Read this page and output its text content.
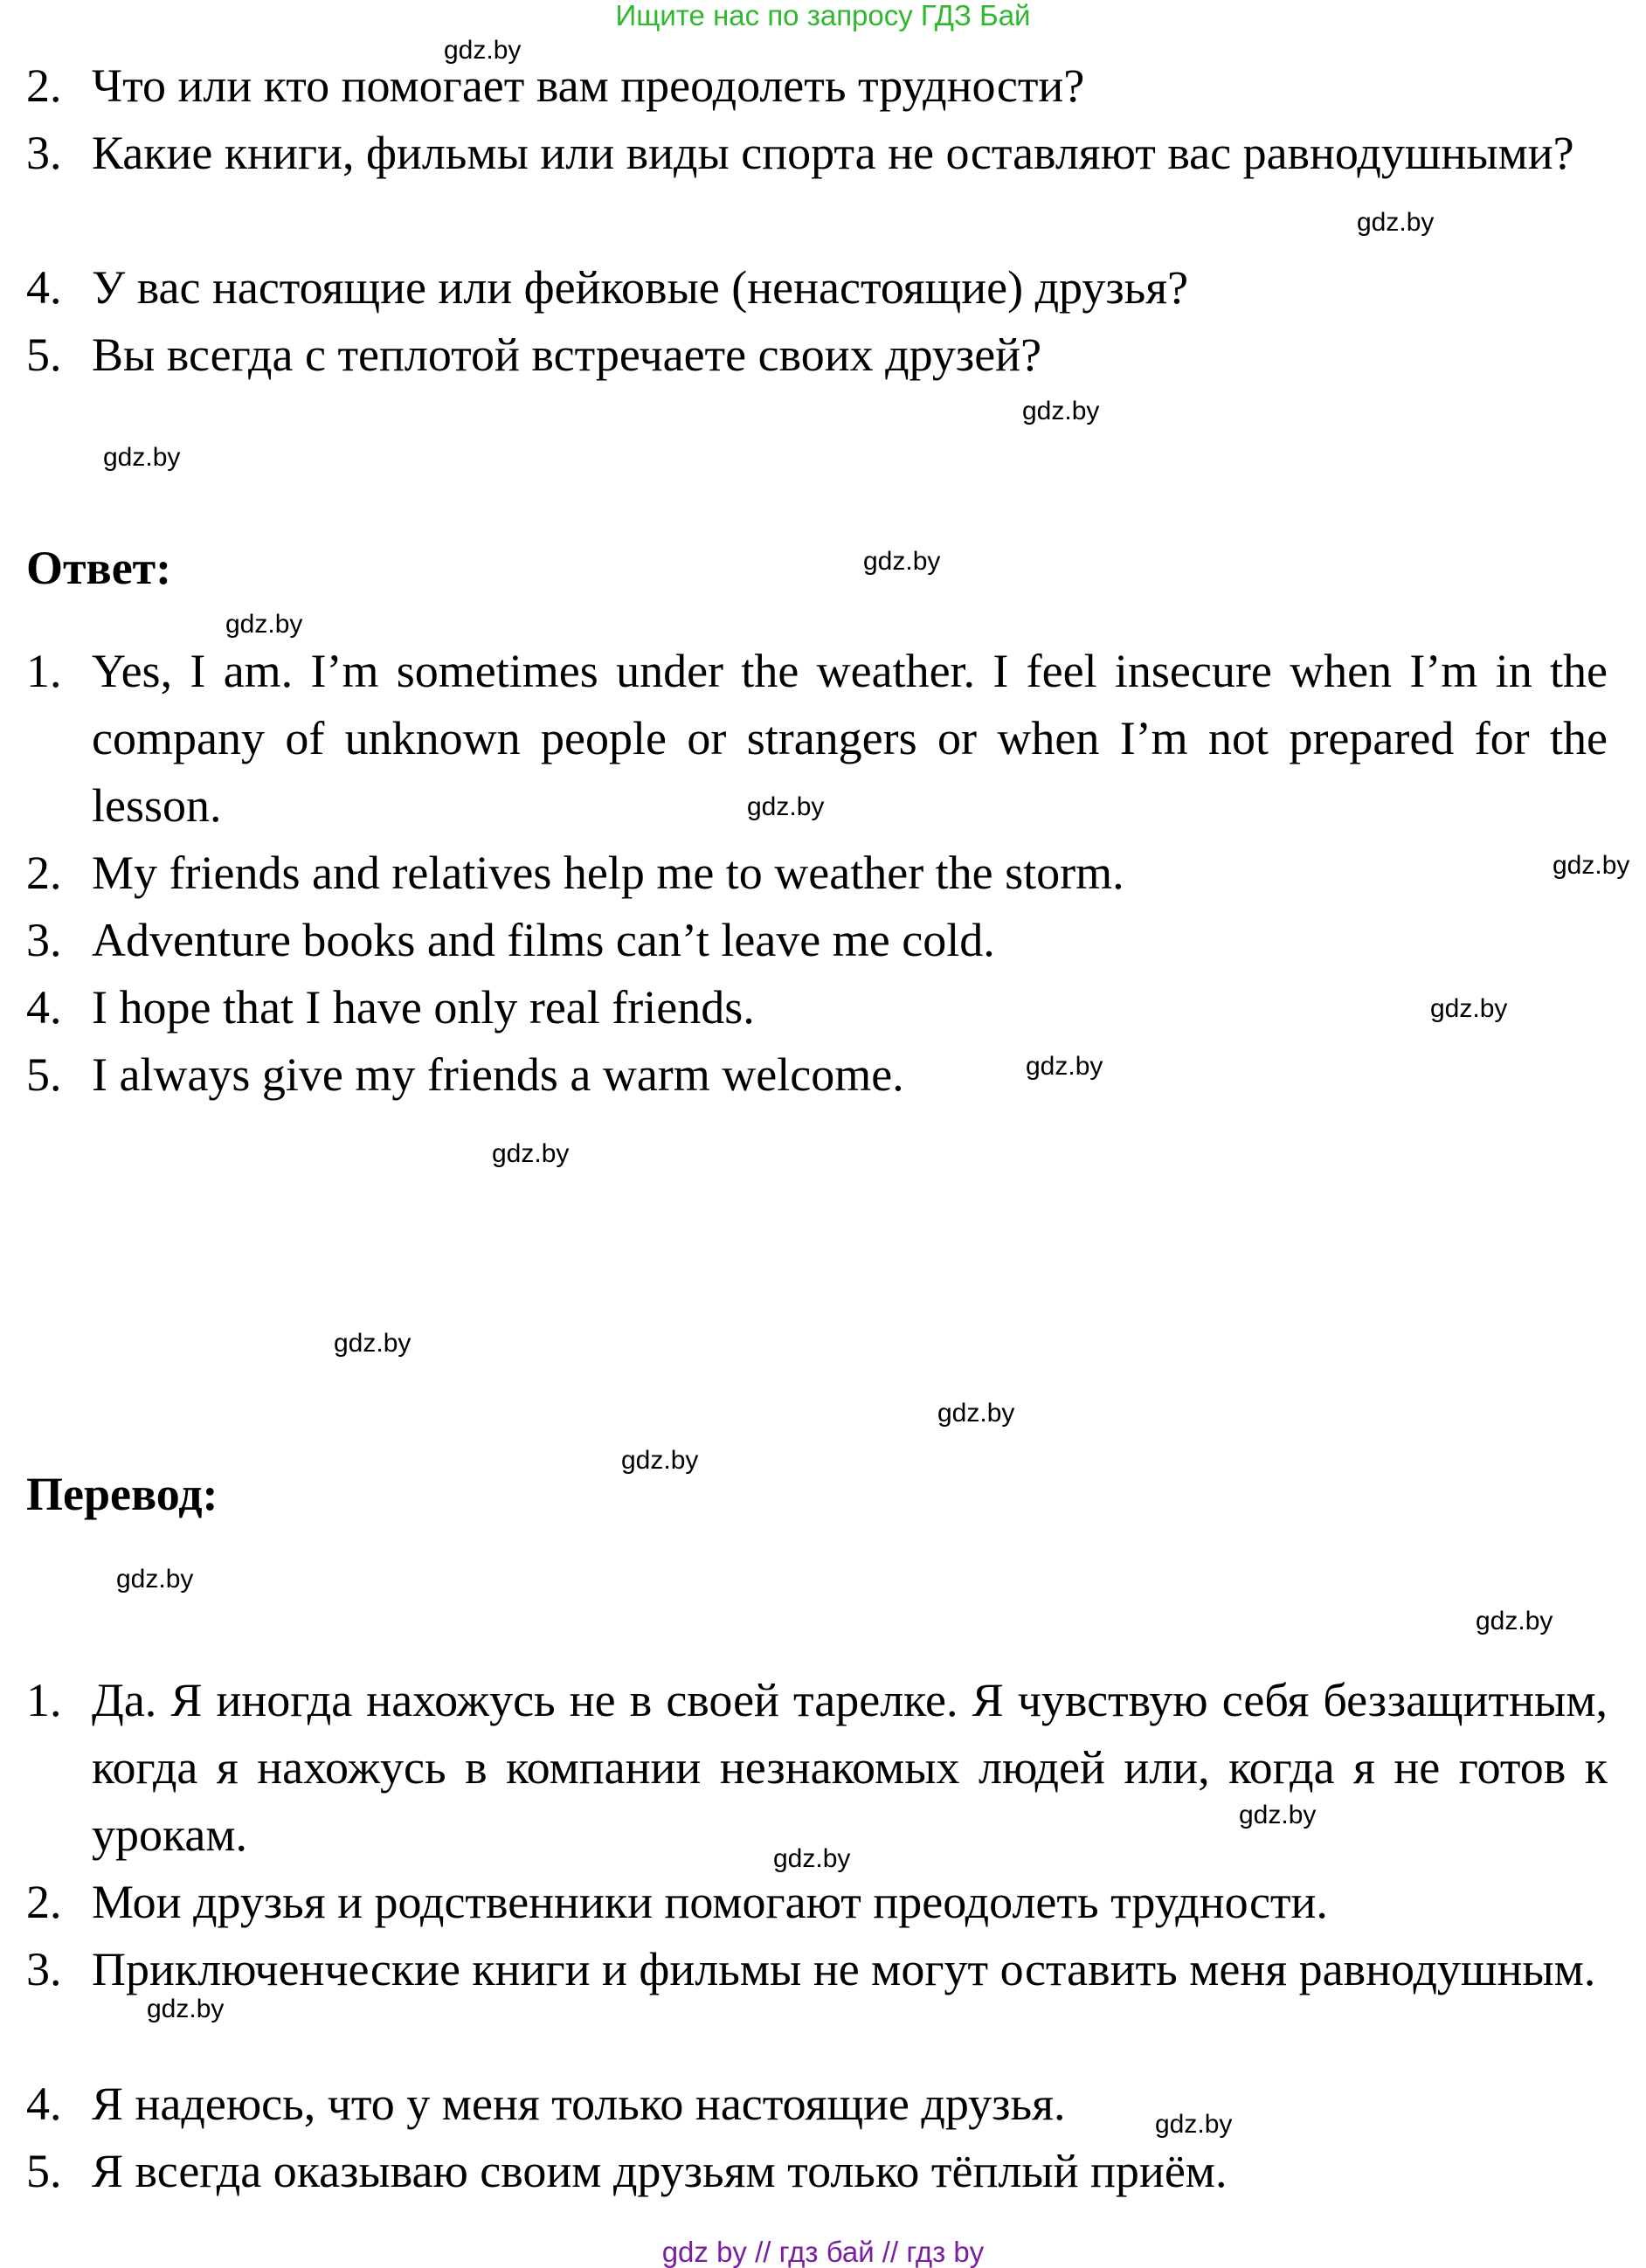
Ищите нас по запросу ГДЗ Бай
2. Что или кто помогает вам преодолеть трудности?
3. Какие книги, фильмы или виды спорта не оставляют вас равнодушными?
4. У вас настоящие или фейковые (ненастоящие) друзья?
5. Вы всегда с теплотой встречаете своих друзей?
Ответ:
1. Yes, I am. I’m sometimes under the weather. I feel insecure when I’m in the company of unknown people or strangers or when I’m not prepared for the lesson.
2. My friends and relatives help me to weather the storm.
3. Adventure books and films can’t leave me cold.
4. I hope that I have only real friends.
5. I always give my friends a warm welcome.
Перевод:
1. Да. Я иногда нахожусь не в своей тарелке. Я чувствую себя беззащитным, когда я нахожусь в компании незнакомых людей или, когда я не готов к урокам.
2. Мои друзья и родственники помогают преодолеть трудности.
3. Приключенческие книги и фильмы не могут оставить меня равнодушным.
4. Я надеюсь, что у меня только настоящие друзья.
5. Я всегда оказываю своим друзьям только тёплый приём.
gdz.by
gdz.by
gdz.by
gdz.by
gdz.by
gdz.by
gdz.by
gdz.by
gdz.by
gdz.by
gdz.by
gdz.by
gdz.by
gdz.by
gdz.by
gdz.by
gdz.by
gdz.by
gdz.by
gdz.by
gdz by // гдз бай // гдз by
